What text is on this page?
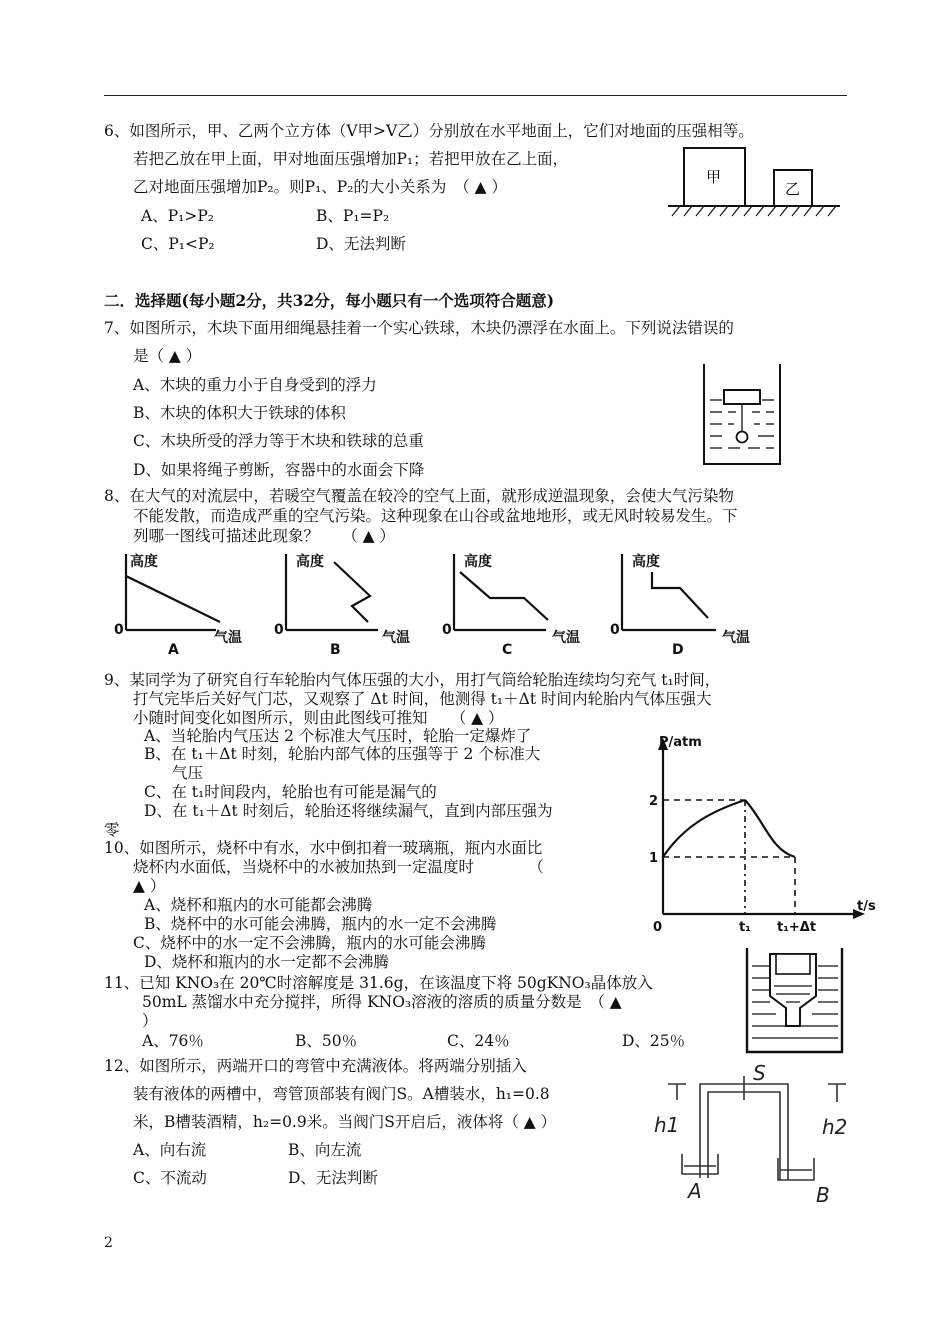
6、如图所示，甲、乙两个立方体（V甲>V乙）分别放在水平地面上，它们对地面的压强相等。
若把乙放在甲上面，甲对地面压强增加P₁；若把甲放在乙上面，
乙对地面压强增加P₂。则P₁、P₂的大小关系为　（ ▲ ）
A、P₁>P₂	B、P₁=P₂
C、P₁<P₂	D、无法判断
甲
乙
二．选择题(每小题2分，共32分，每小题只有一个选项符合题意)
7、如图所示，木块下面用细绳悬挂着一个实心铁球，木块仍漂浮在水面上。下列说法错误的
是（ ▲ ）
A、木块的重力小于自身受到的浮力
B、木块的体积大于铁球的体积
C、木块所受的浮力等于木块和铁球的总重
D、如果将绳子剪断，容器中的水面会下降
8、在大气的对流层中，若暖空气覆盖在较冷的空气上面，就形成逆温现象，会使大气污染物
不能发散，而造成严重的空气污染。这种现象在山谷或盆地地形，或无风时较易发生。下
列哪一图线可描述此现象？　　（ ▲ ）
高度
0	气温
A
高度
0	气温
B
高度
0	气温
C
高度
0	气温
D
9、某同学为了研究自行车轮胎内气体压强的大小，用打气筒给轮胎连续均匀充气 t₁时间，
打气完毕后关好气门芯，又观察了 Δt 时间，他测得 t₁＋Δt 时间内轮胎内气体压强大
小随时间变化如图所示，则由此图线可推知　　（ ▲ ）
A、当轮胎内气压达 2 个标准大气压时，轮胎一定爆炸了
B、在 t₁＋Δt 时刻，轮胎内部气体的压强等于 2 个标准大
气压
C、在 t₁时间段内，轮胎也有可能是漏气的
D、在 t₁＋Δt 时刻后，轮胎还将继续漏气，直到内部压强为
零
P/atm
2
1
0	t₁ t₁+Δt
t/s
10、如图所示，烧杯中有水，水中倒扣着一玻璃瓶，瓶内水面比
烧杯内水面低，当烧杯中的水被加热到一定温度时　　　　（
▲ ）
A、烧杯和瓶内的水可能都会沸腾
B、烧杯中的水可能会沸腾，瓶内的水一定不会沸腾
C、烧杯中的水一定不会沸腾，瓶内的水可能会沸腾
D、烧杯和瓶内的水一定都不会沸腾
11、已知 KNO₃在 20℃时溶解度是 31.6g，在该温度下将 50gKNO₃晶体放入
50mL 蒸馏水中充分搅拌，所得 KNO₃溶液的溶质的质量分数是　（ ▲
）
A、76％	B、50％	C、24％	D、25％
12、如图所示，两端开口的弯管中充满液体。将两端分别插入
装有液体的两槽中，弯管顶部装有阀门S。A槽装水，h₁=0.8
米，B槽装酒精，h₂=0.9米。当阀门S开启后，液体将（ ▲ ）
A、向右流	B、向左流
C、不流动	D、无法判断
S
h1	h2
A	B
2
